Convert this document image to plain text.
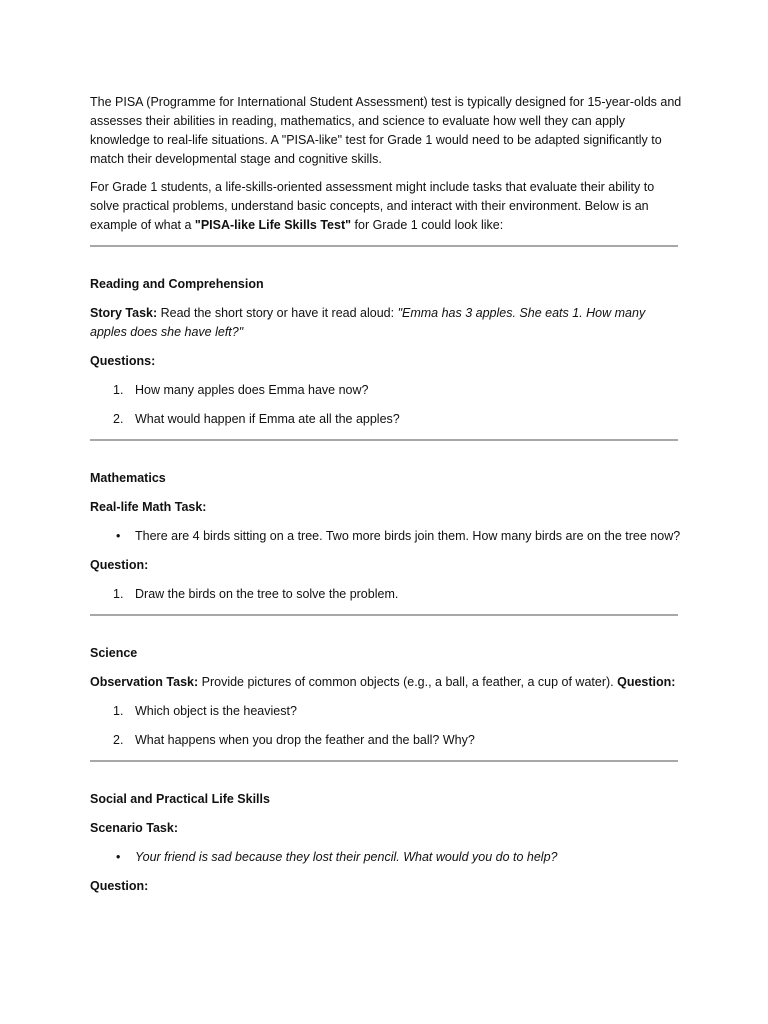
The PISA (Programme for International Student Assessment) test is typically designed for 15-year-olds and assesses their abilities in reading, mathematics, and science to evaluate how well they can apply knowledge to real-life situations. A "PISA-like" test for Grade 1 would need to be adapted significantly to match their developmental stage and cognitive skills.

For Grade 1 students, a life-skills-oriented assessment might include tasks that evaluate their ability to solve practical problems, understand basic concepts, and interact with their environment. Below is an example of what a "PISA-like Life Skills Test" for Grade 1 could look like:

Reading and Comprehension

Story Task: Read the short story or have it read aloud: "Emma has 3 apples. She eats 1. How many apples does she have left?"

Questions:

1. How many apples does Emma have now?
2. What would happen if Emma ate all the apples?

Mathematics

Real-life Math Task:

• There are 4 birds sitting on a tree. Two more birds join them. How many birds are on the tree now?

Question:

1. Draw the birds on the tree to solve the problem.

Science

Observation Task: Provide pictures of common objects (e.g., a ball, a feather, a cup of water). Question:

1. Which object is the heaviest?
2. What happens when you drop the feather and the ball? Why?

Social and Practical Life Skills

Scenario Task:

• Your friend is sad because they lost their pencil. What would you do to help?

Question:
